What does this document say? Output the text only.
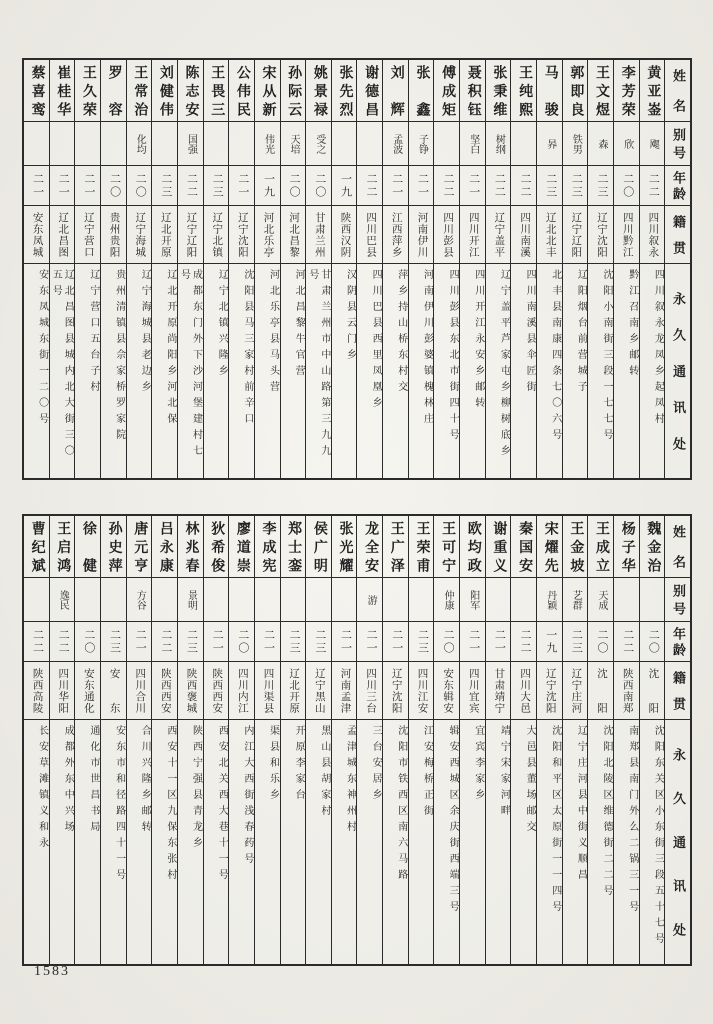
姓名
别号
年龄
籍贯
永久通讯处
黄亚崟
飔
二二
四川叙永
四川叙永龙凤乡起凤村
李芳荣
欣
二〇
四川黔江
黔江召南乡邮转
王文煜
森
二三
辽宁沈阳
沈阳小南街三段一七七号
郭即良
铁男
二三
辽宁辽阳
辽阳烟台前营城子
马骏
昦
二三
辽北北丰
北丰县南康四条七〇六号
王纯熙
二二
四川南溪
四川南溪县伞匠街
张秉维
树纲
二二
辽宁盖平
辽宁盖平芦家屯乡柳树底乡
聂积钰
坚白
二一
四川开江
四川开江永安乡邮转
傅成矩
二二
四川彭县
四川彭县东北市街四十号
张鑫
子铮
二一
河南伊川
河南伊川彭婆镇槐林庄
刘辉
孟波
二一
江西萍乡
萍乡持山桥东村交
谢德昌
二二
四川巴县
四川巴县西里凤凰乡
张先烈
一九
陕西汉阴
汉阴县云门乡
姚景禄
受之
二〇
甘肃兰州
甘肃兰州市中山路第三九九号
孙际云
天培
二〇
河北昌黎
河北昌黎牛官营
宋从新
伟光
一九
河北乐亭
河北乐亭县马头营
公伟民
二一
辽宁沈阳
沈阳县马三家村前辛口
王畏三
二三
辽宁北镇
辽宁北镇兴隆乡
陈志安
国强
二二
辽宁辽阳
成都东门外下沙河堡建村七号
刘健伟
二三
辽北开原
辽北开原尚阳乡河北保
王常治
化均
二〇
辽宁海城
辽宁海城县老边乡
罗容
二〇
贵州贵阳
贵州清镇县佘家桥罗家院
王久荣
二一
辽宁营口
辽宁营口五台子村
崔桂华
二一
辽北昌图
辽北昌图县城内北大街三〇五号
蔡喜鸾
二一
安东凤城
安东凤城东街一二〇号
姓名
别号
年龄
籍贯
永久通讯处
魏金治
二〇
沈阳
沈阳东关区小东街三段五十七号
杨子华
二二
陕西南郑
南郑县南门外么二锅三一号
王成立
天成
二〇
沈阳
沈阳北陵区维德街二二号
王金坡
艺群
二三
辽宁庄河
辽宁庄河县中街义顺昌
宋燿先
丹颖
一九
辽宁沈阳
沈阳和平区太原街一一四号
秦国安
二二
四川大邑
大邑县董场邮交
谢重义
二一
甘肃靖宁
靖宁宋家河畔
欧均政
阳军
二一
四川宜宾
宜宾李家乡
王可宁
仲康
二〇
安东辑安
辑安西城区余庆街西端三号
王荣甫
二三
四川江安
江安梅桥正街
王广泽
二一
辽宁沈阳
沈阳市铁西区南六马路
龙全安
游
二一
四川三台
三台安居乡
张光耀
二一
河南孟津
孟津城东神州村
侯广明
二三
辽宁黑山
黑山县胡家村
郑士銮
二三
辽北开原
开原李家台
李成宪
二一
四川渠县
渠县和乐乡
廖道崇
二〇
四川内江
内江大西街浅春药号
狄希俊
二一
陕西西安
西安北关西大巷十一号
林兆春
景明
二三
陕西褒城
陕西宁强县青龙乡
吕永康
二二
陕西西安
西安十一区九保东张村
唐元亨
方谷
二一
四川合川
合川兴隆乡邮转
孙史萍
二三
安东
安东市和径路四十一号
徐健
二〇
安东通化
通化市世昌书局
王启鸿
逸民
二二
四川华阳
成都外东中兴场
曹纪斌
二二
陕西高陵
长安草滩镇义和永
1583
